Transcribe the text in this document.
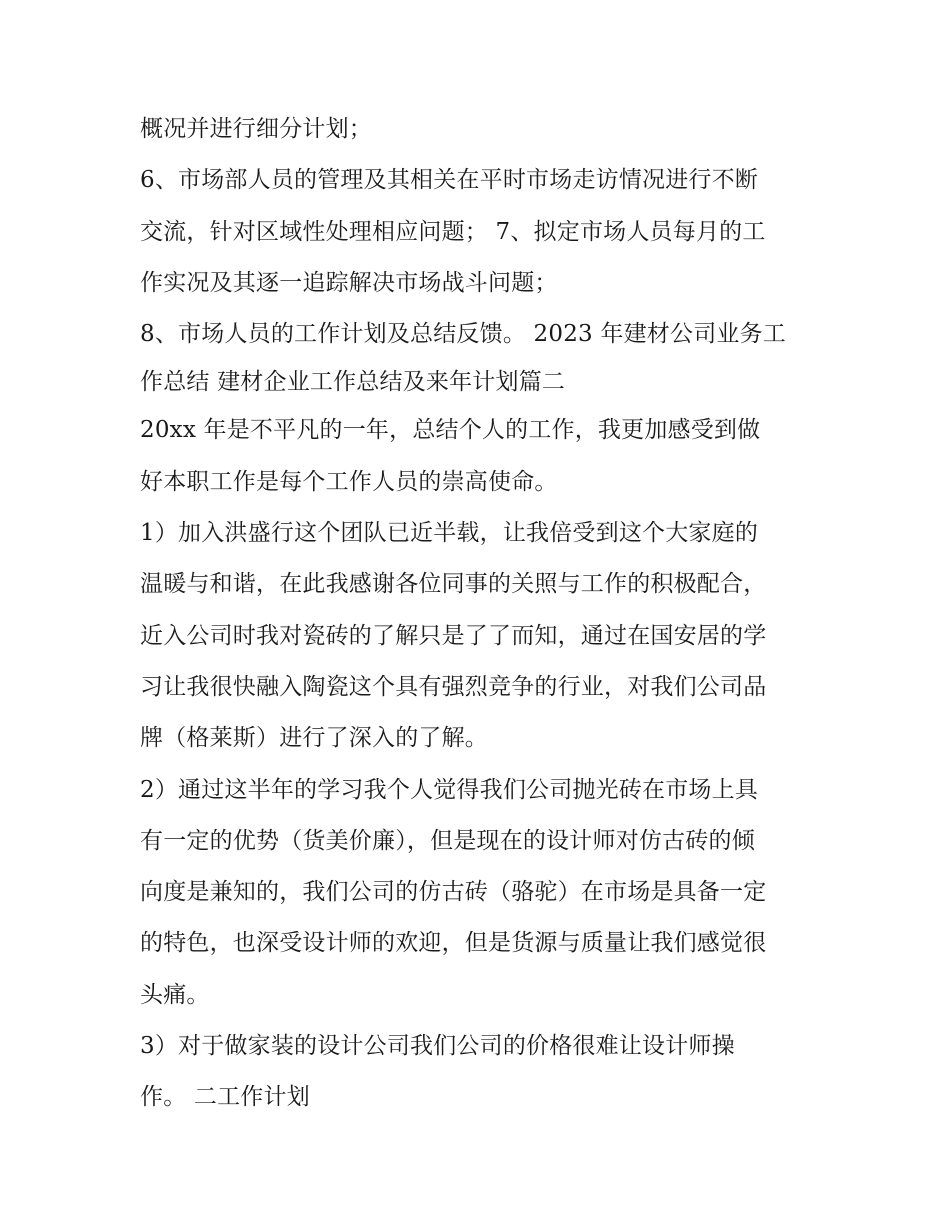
概况并进行细分计划；
6、市场部人员的管理及其相关在平时市场走访情况进行不断
交流，针对区域性处理相应问题； 7、拟定市场人员每月的工
作实况及其逐一追踪解决市场战斗问题；
8、市场人员的工作计划及总结反馈。 2023 年建材公司业务工
作总结 建材企业工作总结及来年计划篇二
20xx 年是不平凡的一年，总结个人的工作，我更加感受到做
好本职工作是每个工作人员的崇高使命。
1）加入洪盛行这个团队已近半载，让我倍受到这个大家庭的
温暖与和谐，在此我感谢各位同事的关照与工作的积极配合，
近入公司时我对瓷砖的了解只是了了而知，通过在国安居的学
习让我很快融入陶瓷这个具有强烈竞争的行业，对我们公司品
牌（格莱斯）进行了深入的了解。
2）通过这半年的学习我个人觉得我们公司抛光砖在市场上具
有一定的优势（货美价廉），但是现在的设计师对仿古砖的倾
向度是兼知的，我们公司的仿古砖（骆驼）在市场是具备一定
的特色，也深受设计师的欢迎，但是货源与质量让我们感觉很
头痛。
3）对于做家装的设计公司我们公司的价格很难让设计师操
作。 二工作计划
